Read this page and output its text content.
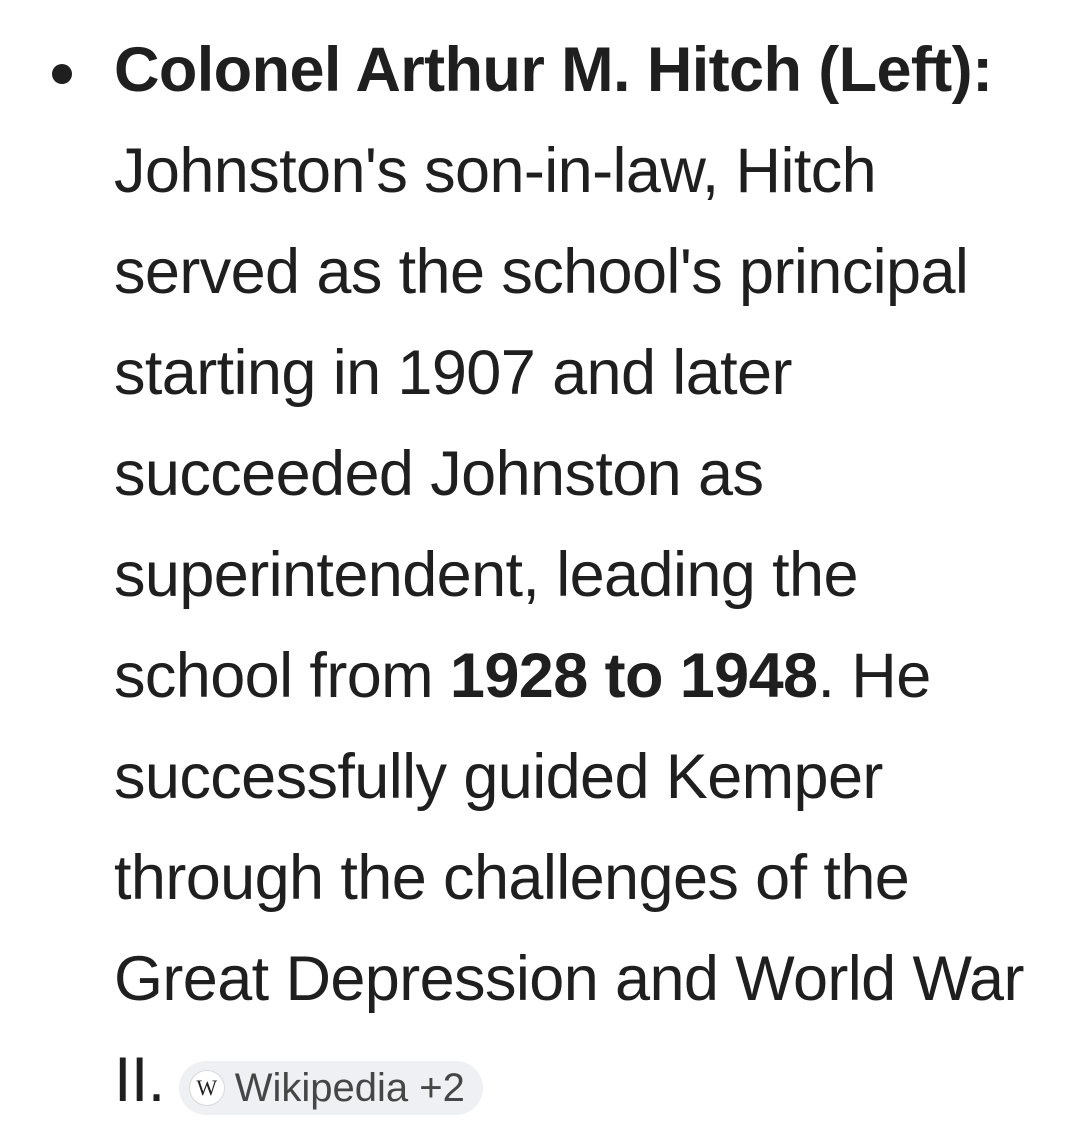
Colonel Arthur M. Hitch (Left): Johnston's son-in-law, Hitch served as the school's principal starting in 1907 and later succeeded Johnston as superintendent, leading the school from 1928 to 1948. He successfully guided Kemper through the challenges of the Great Depression and World War II.	W Wikipedia +2
